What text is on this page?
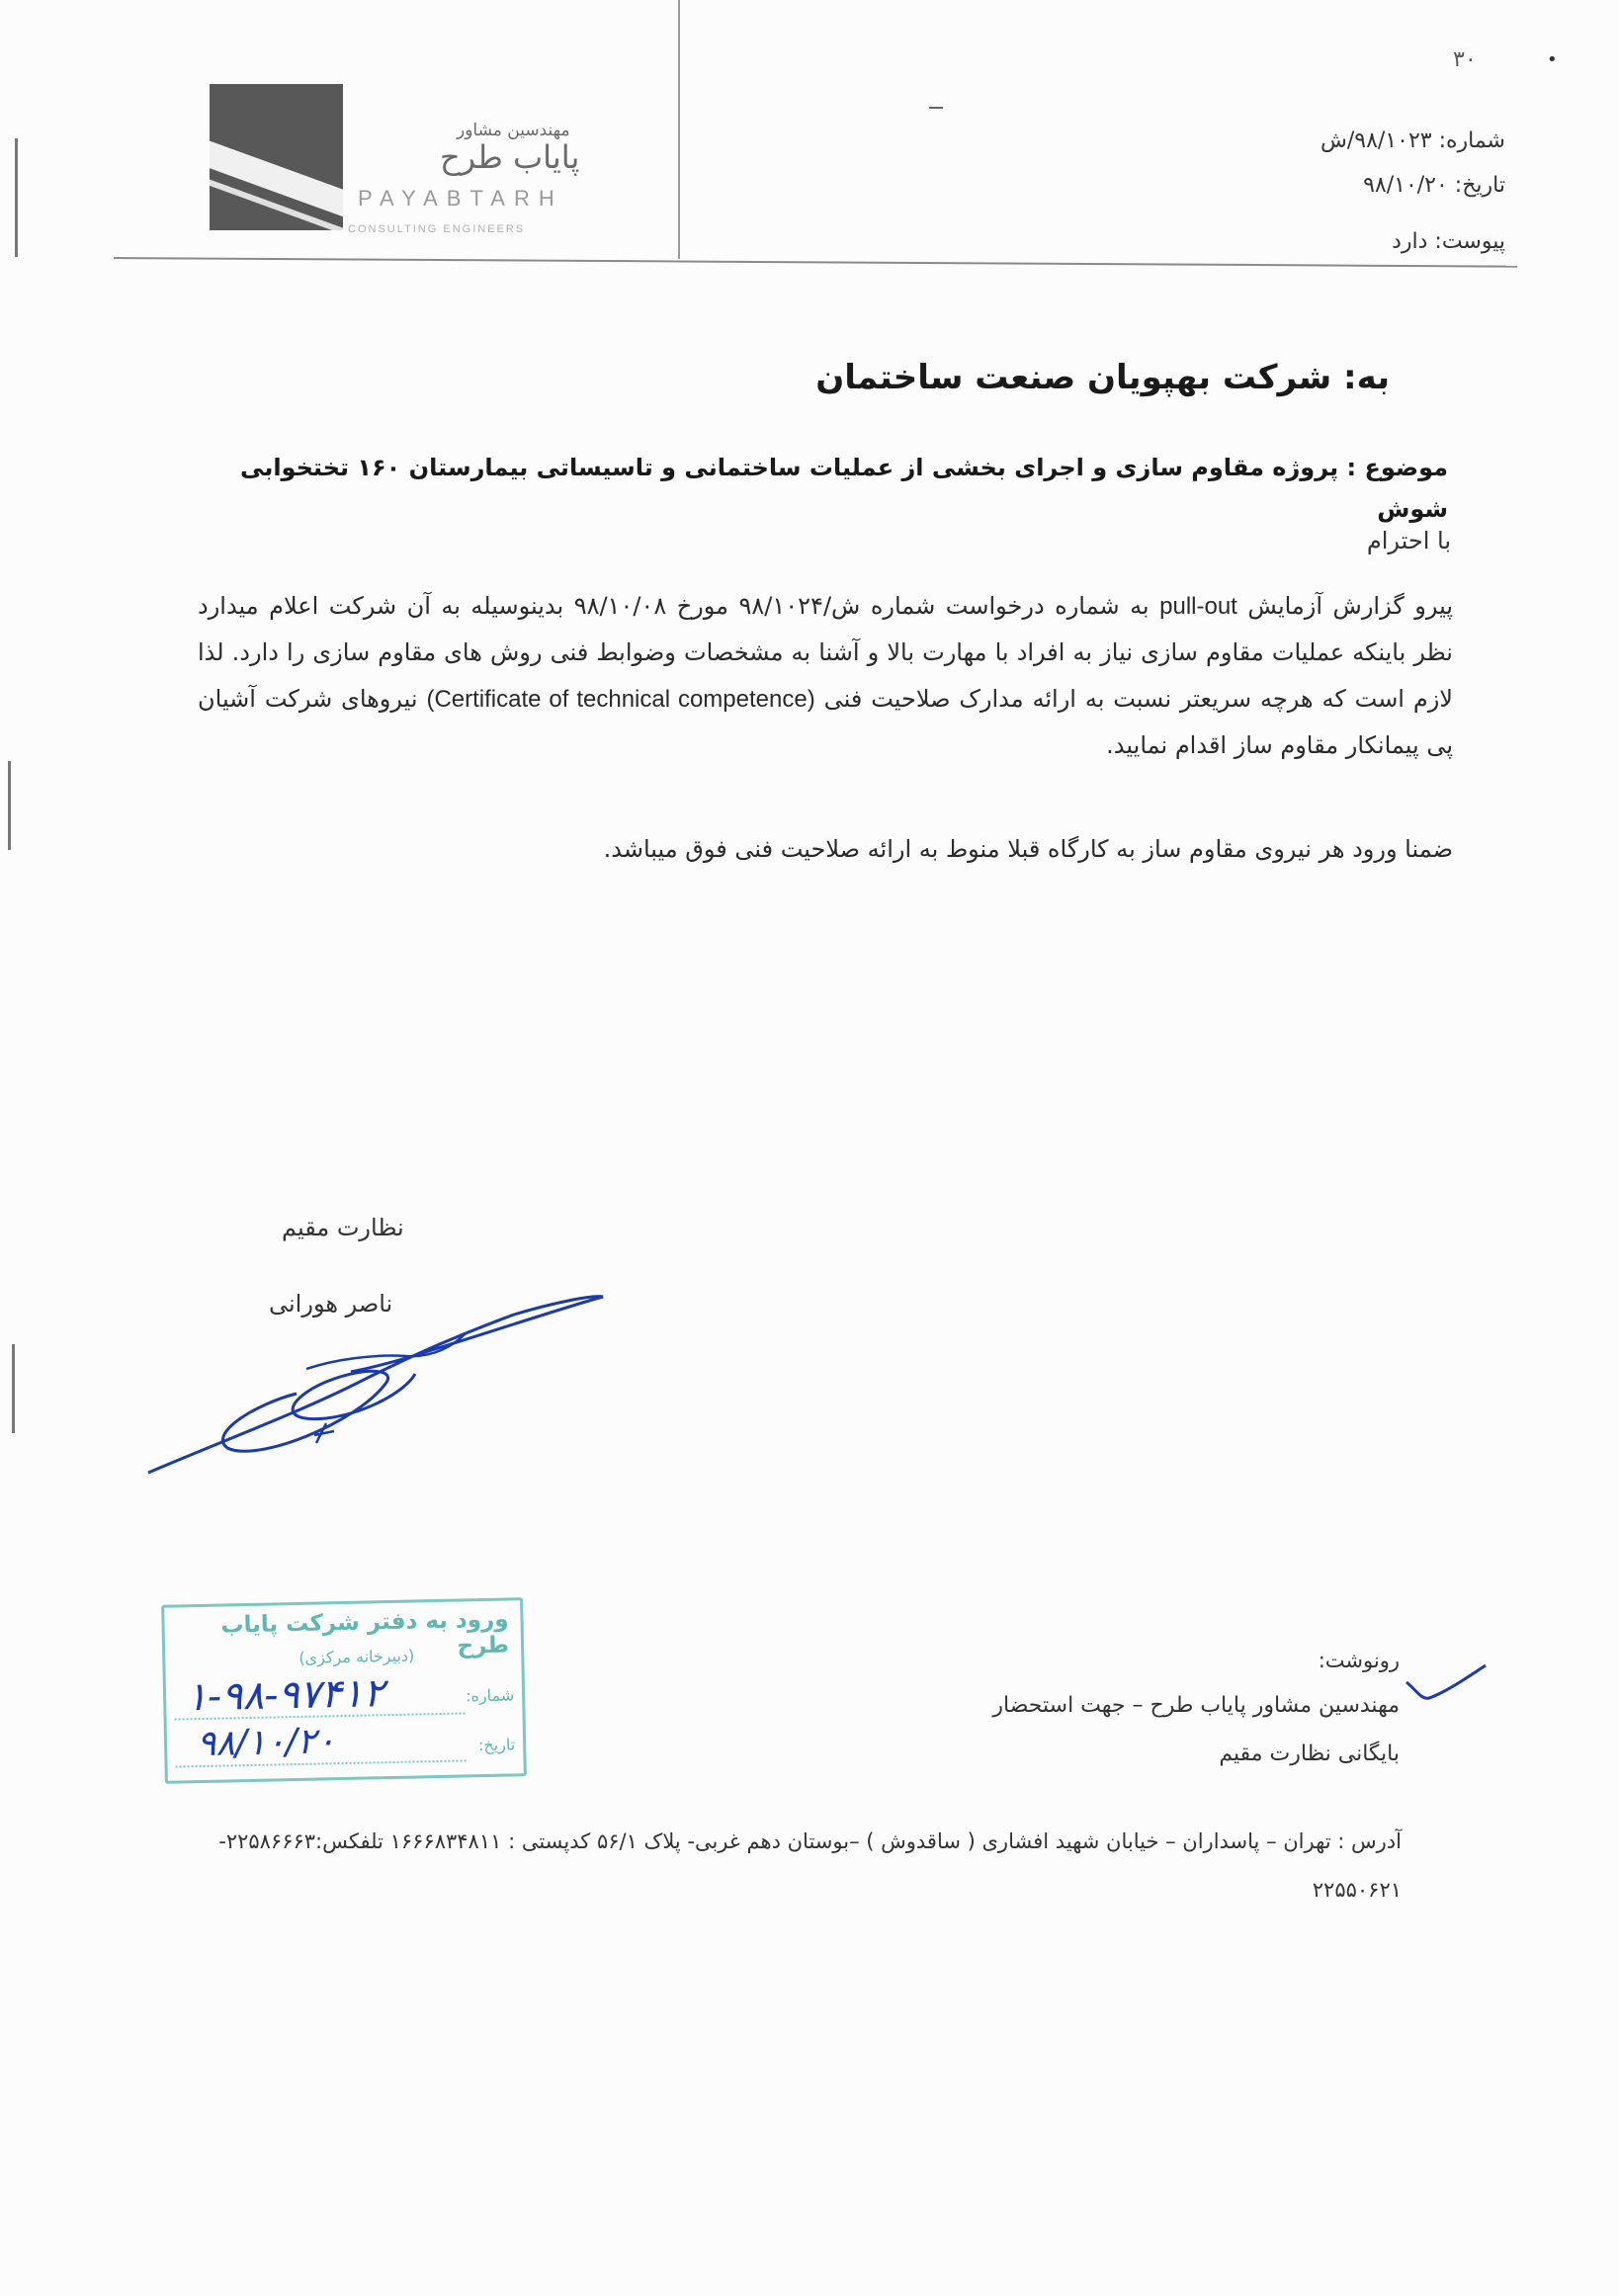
مهندسین مشاور
پایاب طرح
PAYABTARH
CONSULTING ENGINEERS
۳۰	•
شماره: ۹۸/۱۰۲۳/ش
تاریخ: ۹۸/۱۰/۲۰
پیوست: دارد
به: شرکت بهپویان صنعت ساختمان
موضوع : پروژه مقاوم سازی و اجرای بخشی از عملیات ساختمانی و تاسیساتی بیمارستان ۱۶۰ تختخوابی شوش
با احترام
پیرو گزارش آزمایش pull-out به شماره درخواست شماره ش/۹۸/۱۰۲۴ مورخ ۹۸/۱۰/۰۸ بدینوسیله به آن شرکت اعلام میدارد نظر باینکه عملیات مقاوم سازی نیاز به افراد با مهارت بالا و آشنا به مشخصات وضوابط فنی روش های مقاوم سازی را دارد. لذا لازم است که هرچه سریعتر نسبت به ارائه مدارک صلاحیت فنی (Certificate of technical competence) نیروهای شرکت آشیان پی پیمانکار مقاوم ساز اقدام نمایید.
ضمنا ورود هر نیروی مقاوم ساز به کارگاه قبلا منوط به ارائه صلاحیت فنی فوق میباشد.
نظارت مقیم
ناصر هورانی
ورود به دفتر شرکت پایاب طرح
(دبیرخانه مرکزی)
شماره:
۱-۹۸-۹۷۴۱۲
تاریخ:
۹۸/۱۰/۲۰
رونوشت:
مهندسین مشاور پایاب طرح – جهت استحضار
بایگانی نظارت مقیم
آدرس : تهران – پاسداران – خیابان شهید افشاری ( ساقدوش ) –بوستان دهم غربی- پلاک ۵۶/۱ کدپستی : ۱۶۶۶۸۳۴۸۱۱ تلفکس:۲۲۵۸۶۶۶۳-
۲۲۵۵۰۶۲۱
